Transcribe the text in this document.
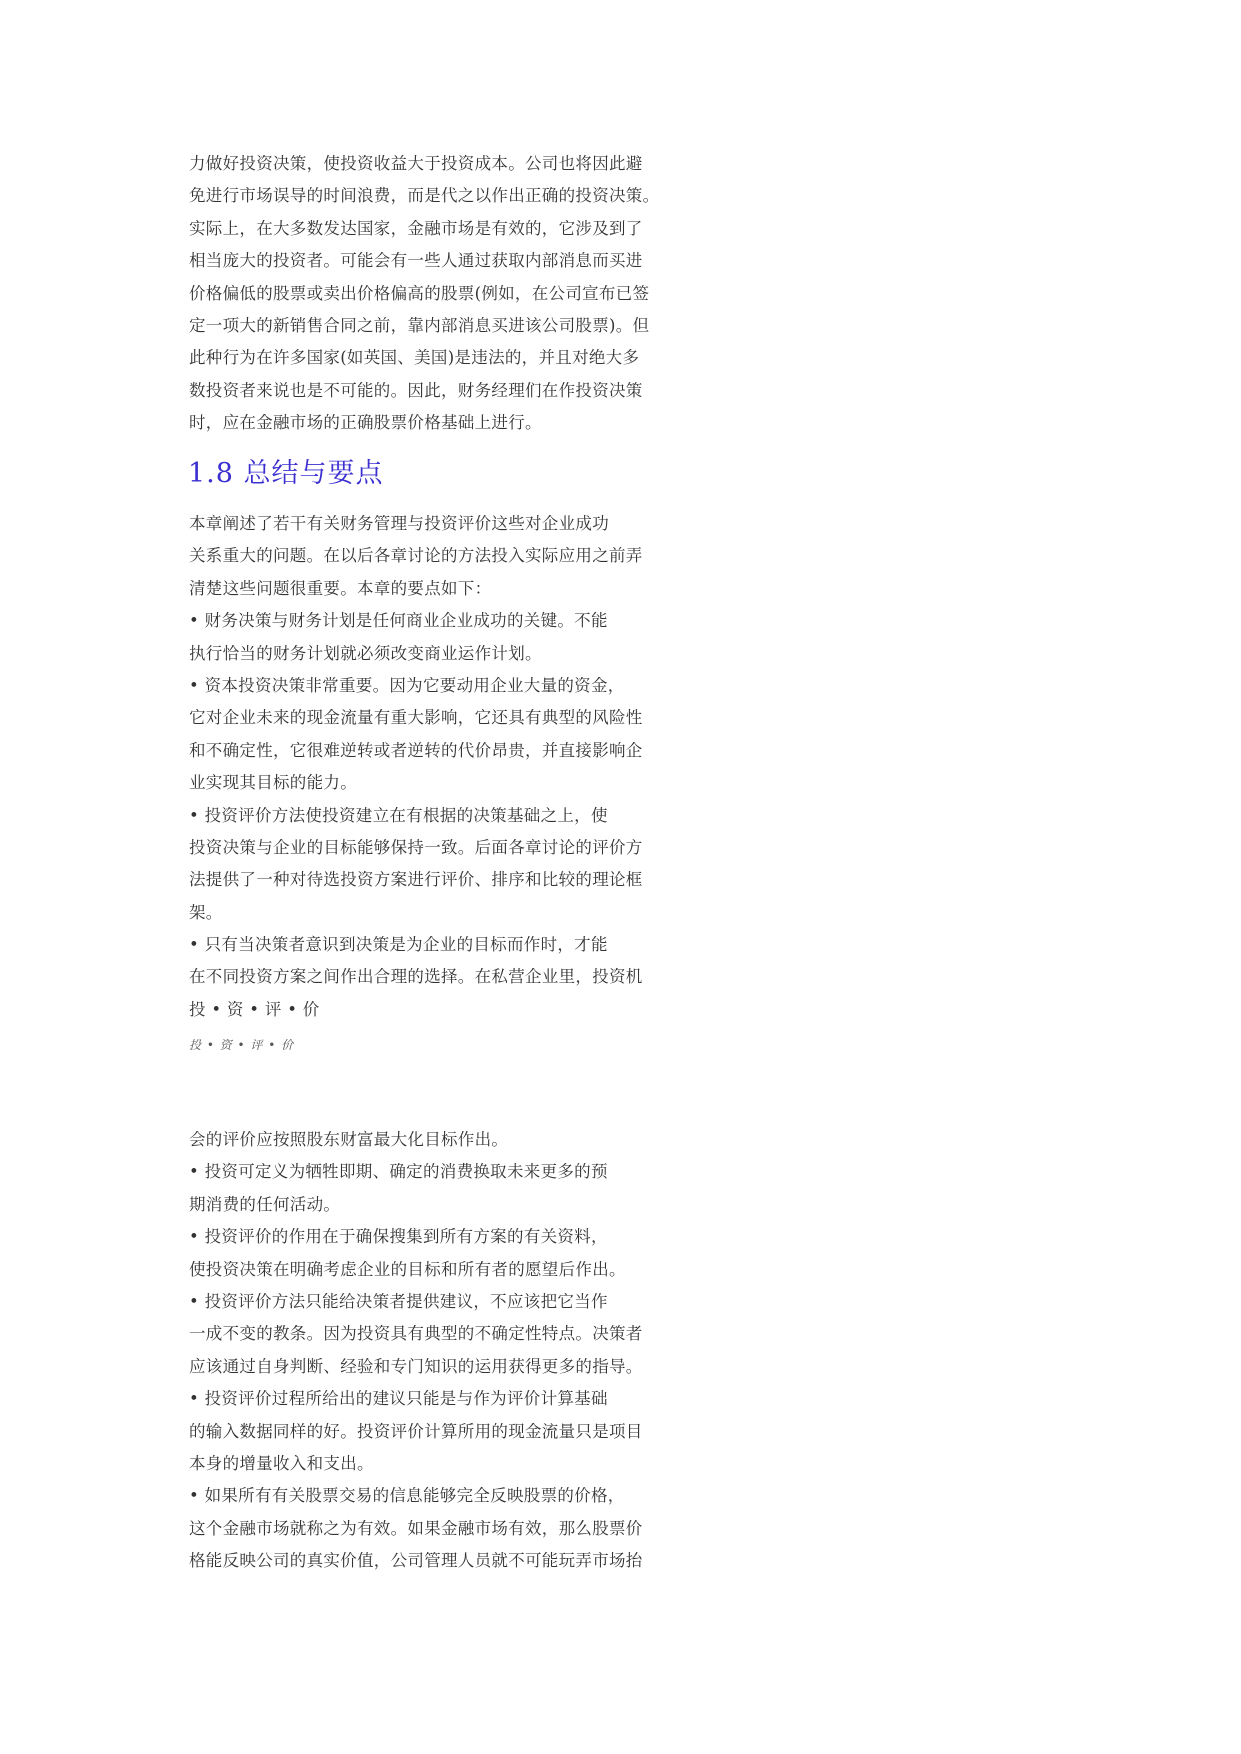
力做好投资决策，使投资收益大于投资成本。公司也将因此避
免进行市场误导的时间浪费，而是代之以作出正确的投资决策。
实际上，在大多数发达国家，金融市场是有效的，它涉及到了
相当庞大的投资者。可能会有一些人通过获取内部消息而买进
价格偏低的股票或卖出价格偏高的股票(例如，在公司宣布已签
定一项大的新销售合同之前，靠内部消息买进该公司股票)。但
此种行为在许多国家(如英国、美国)是违法的，并且对绝大多
数投资者来说也是不可能的。因此，财务经理们在作投资决策
时，应在金融市场的正确股票价格基础上进行。
1.8 总结与要点
本章阐述了若干有关财务管理与投资评价这些对企业成功
关系重大的问题。在以后各章讨论的方法投入实际应用之前弄
清楚这些问题很重要。本章的要点如下：
• 财务决策与财务计划是任何商业企业成功的关键。不能
执行恰当的财务计划就必须改变商业运作计划。
• 资本投资决策非常重要。因为它要动用企业大量的资金，
它对企业未来的现金流量有重大影响，它还具有典型的风险性
和不确定性，它很难逆转或者逆转的代价昂贵，并直接影响企
业实现其目标的能力。
• 投资评价方法使投资建立在有根据的决策基础之上，使
投资决策与企业的目标能够保持一致。后面各章讨论的评价方
法提供了一种对待选投资方案进行评价、排序和比较的理论框
架。
• 只有当决策者意识到决策是为企业的目标而作时，才能
在不同投资方案之间作出合理的选择。在私营企业里，投资机
投 • 资 • 评 • 价
投 • 资 • 评 • 价
会的评价应按照股东财富最大化目标作出。
• 投资可定义为牺牲即期、确定的消费换取未来更多的预
期消费的任何活动。
• 投资评价的作用在于确保搜集到所有方案的有关资料，
使投资决策在明确考虑企业的目标和所有者的愿望后作出。
• 投资评价方法只能给决策者提供建议，不应该把它当作
一成不变的教条。因为投资具有典型的不确定性特点。决策者
应该通过自身判断、经验和专门知识的运用获得更多的指导。
• 投资评价过程所给出的建议只能是与作为评价计算基础
的输入数据同样的好。投资评价计算所用的现金流量只是项目
本身的增量收入和支出。
• 如果所有有关股票交易的信息能够完全反映股票的价格，
这个金融市场就称之为有效。如果金融市场有效，那么股票价
格能反映公司的真实价值，公司管理人员就不可能玩弄市场抬
